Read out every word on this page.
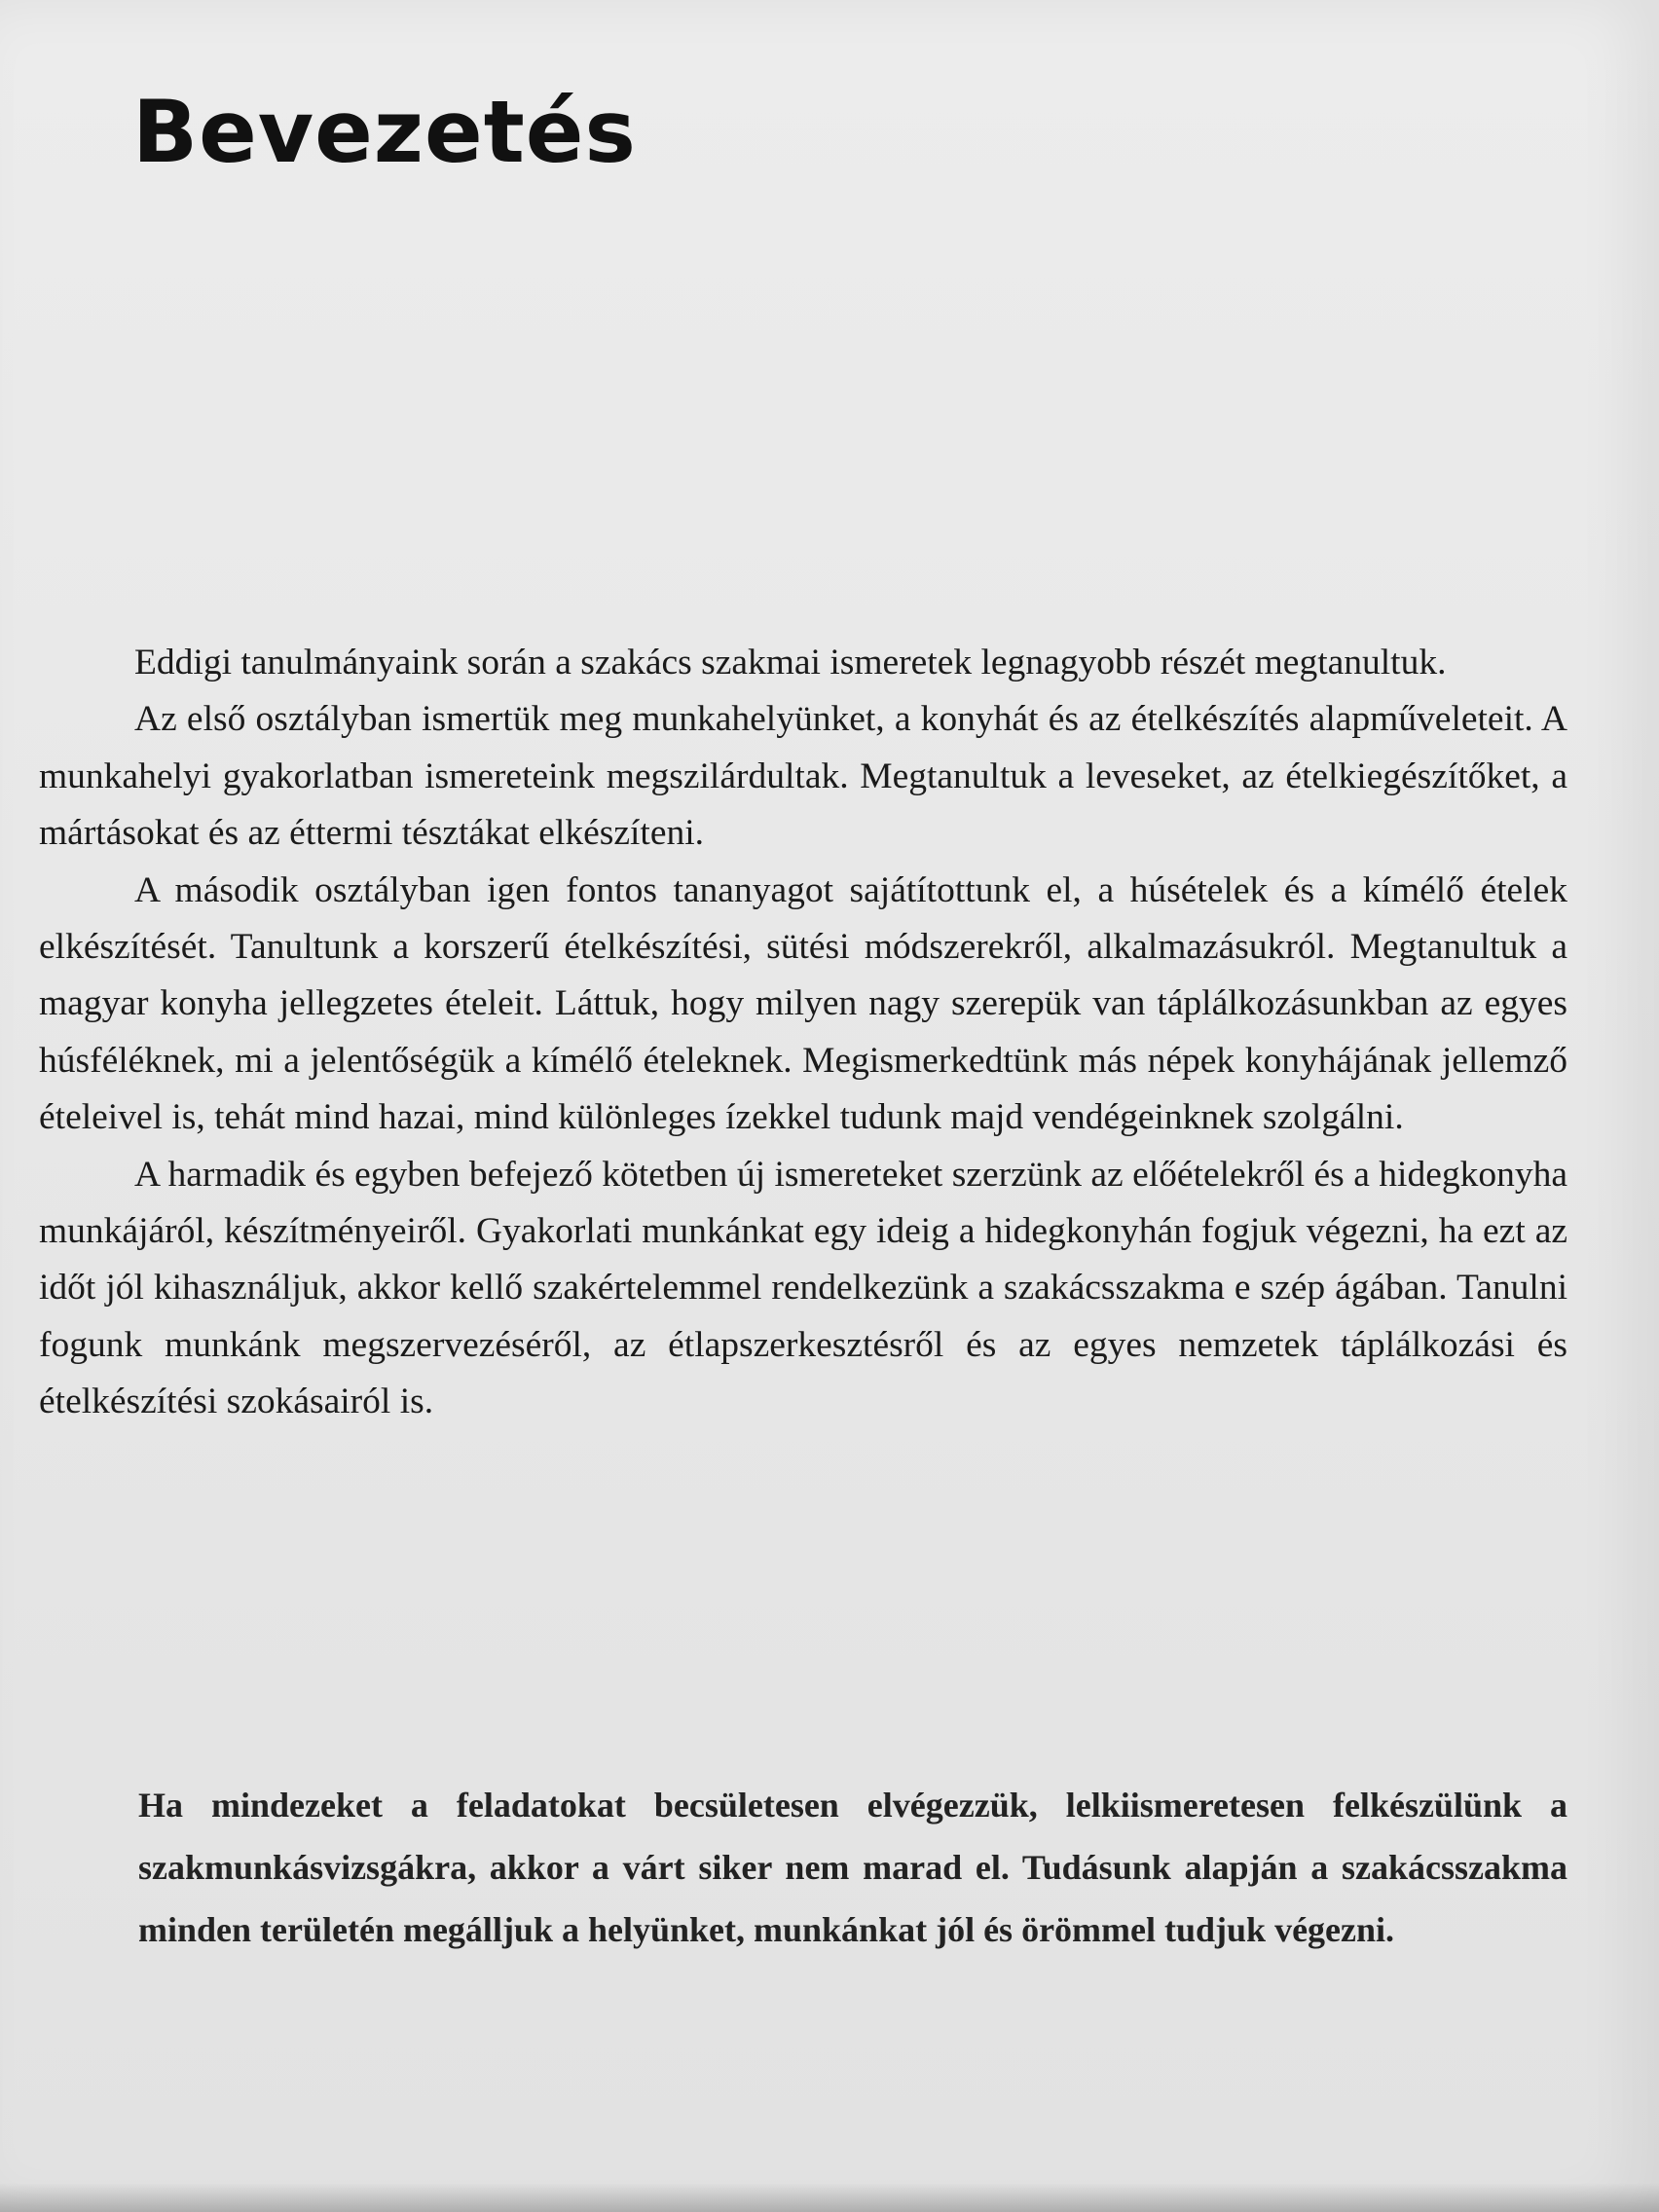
Bevezetés

Eddigi tanulmányaink során a szakács szakmai ismeretek legnagyobb részét megtanultuk.

Az első osztályban ismertük meg munkahelyünket, a konyhát és az ételkészítés alapműveleteit. A munkahelyi gyakorlatban ismereteink megszilárdultak. Megtanultuk a leveseket, az ételkiegészítőket, a mártásokat és az éttermi tésztákat elkészíteni.

A második osztályban igen fontos tananyagot sajátítottunk el, a húsételek és a kímélő ételek elkészítését. Tanultunk a korszerű ételkészítési, sütési módszerekről, alkalmazásukról. Megtanultuk a magyar konyha jellegzetes ételeit. Láttuk, hogy milyen nagy szerepük van táplálkozásunkban az egyes húsféléknek, mi a jelentőségük a kímélő ételeknek. Megismerkedtünk más népek konyhájának jellemző ételeivel is, tehát mind hazai, mind különleges ízekkel tudunk majd vendégeinknek szolgálni.

A harmadik és egyben befejező kötetben új ismereteket szerzünk az előételekről és a hidegkonyha munkájáról, készítményeiről. Gyakorlati munkánkat egy ideig a hidegkonyhán fogjuk végezni, ha ezt az időt jól kihasználjuk, akkor kellő szakértelemmel rendelkezünk a szakácsszakma e szép ágában. Tanulni fogunk munkánk megszervezéséről, az étlapszerkesztésről és az egyes nemzetek táplálkozási és ételkészítési szokásairól is.

Ha mindezeket a feladatokat becsületesen elvégezzük, lelkiismeretesen felkészülünk a szakmunkásvizsgákra, akkor a várt siker nem marad el. Tudásunk alapján a szakácsszakma minden területén megálljuk a helyünket, munkánkat jól és örömmel tudjuk végezni.
